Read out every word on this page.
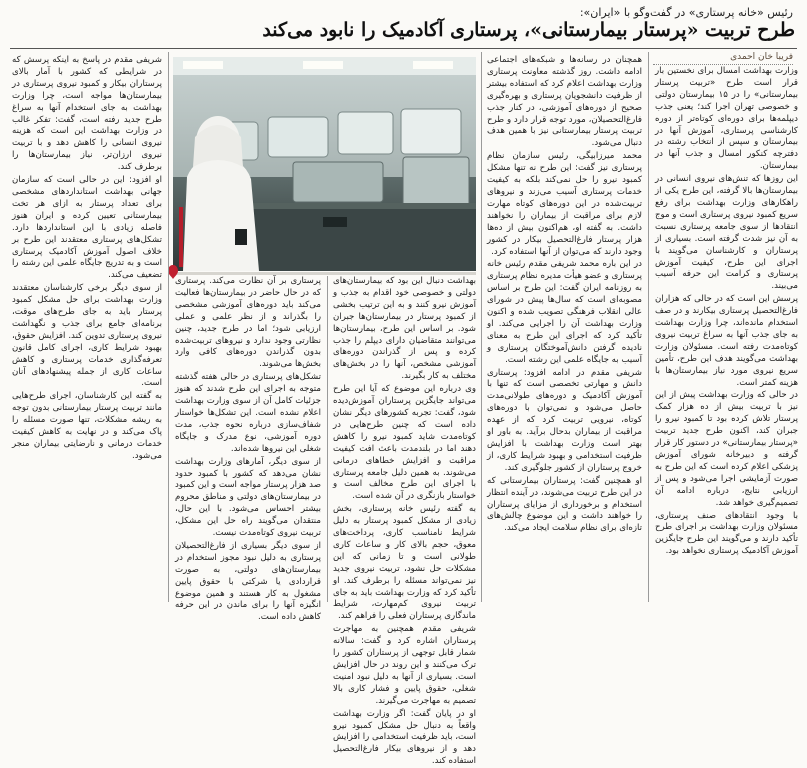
رئیس «خانه پرستاری» در گفت‌وگو با «ایران»:
طرح تربیت «پرستار بیمارستانی»، پرستاری آکادمیک را نابود می‌کند
فریبا خان احمدی

وزارت بهداشت امسال برای نخستین بار قرار است طرح «تربیت پرستار بیمارستانی» را در ۱۵ بیمارستان دولتی و خصوصی تهران اجرا کند؛ یعنی جذب دیپلمه‌ها برای دوره‌ای کوتاه‌تر از دوره کارشناسی پرستاری، آموزش آنها در بیمارستان و سپس از انتخاب رشته در دفترچه کنکور امسال و جذب آنها در بیمارستان.

این روزها که تنش‌های نیروی انسانی در بیمارستان‌ها بالا گرفته، این طرح یکی از راهکارهای وزارت بهداشت برای رفع سریع کمبود نیروی پرستاری است و موج انتقادها از سوی جامعه پرستاری نسبت به آن نیز شدت گرفته است. بسیاری از پرستاران و کارشناسان می‌گویند با اجرای این طرح، کیفیت آموزش پرستاری و کرامت این حرفه آسیب می‌بیند.

پرسش این است که در حالی که هزاران فارغ‌التحصیل پرستاری بیکارند و در صف استخدام مانده‌اند، چرا وزارت بهداشت به جای جذب آنها به سراغ تربیت نیروی کوتاه‌مدت رفته است. مسئولان وزارت بهداشت می‌گویند هدف این طرح، تأمین سریع نیروی مورد نیاز بیمارستان‌ها با هزینه کمتر است.

در حالی که وزارت بهداشت پیش از این نیز با تربیت بیش از ده هزار کمک پرستار تلاش کرده بود تا کمبود نیرو را جبران کند، اکنون طرح جدید تربیت «پرستار بیمارستانی» در دستور کار قرار گرفته و دبیرخانه شورای آموزش پزشکی اعلام کرده است که این طرح به صورت آزمایشی اجرا می‌شود و پس از ارزیابی نتایج، درباره ادامه آن تصمیم‌گیری خواهد شد.

با وجود انتقادهای صنف پرستاری، مسئولان وزارت بهداشت بر اجرای طرح تأکید دارند و می‌گویند این طرح جایگزین آموزش آکادمیک پرستاری نخواهد بود.

همچنان در رسانه‌ها و شبکه‌های اجتماعی ادامه داشت. روز گذشته معاونت پرستاری وزارت بهداشت اعلام کرد که استفاده بیشتر از ظرفیت دانشجویان پرستاری و بهره‌گیری صحیح از دوره‌های آموزشی، در کنار جذب فارغ‌التحصیلان، مورد توجه قرار دارد و طرح تربیت پرستار بیمارستانی نیز با همین هدف دنبال می‌شود.

محمد میرزابیگی، رئیس سازمان نظام پرستاری نیز گفت: این طرح نه تنها مشکل کمبود نیرو را حل نمی‌کند بلکه به کیفیت خدمات پرستاری آسیب می‌زند و نیروهای تربیت‌شده در این دوره‌های کوتاه مهارت لازم برای مراقبت از بیماران را نخواهند داشت. به گفته او، هم‌اکنون بیش از ده‌ها هزار پرستار فارغ‌التحصیل بیکار در کشور وجود دارند که می‌توان از آنها استفاده کرد.

در این باره محمد شریفی مقدم رئیس خانه پرستاری و عضو هیأت مدیره نظام پرستاری به روزنامه ایران گفت: این طرح بر اساس مصوبه‌ای است که سال‌ها پیش در شورای عالی انقلاب فرهنگی تصویب شده و اکنون وزارت بهداشت آن را اجرایی می‌کند. او تأکید کرد که اجرای این طرح به معنای نادیده گرفتن دانش‌آموختگان پرستاری و آسیب به جایگاه علمی این رشته است.

شریفی مقدم در ادامه افزود: پرستاری دانش و مهارتی تخصصی است که تنها با آموزش آکادمیک و دوره‌های طولانی‌مدت حاصل می‌شود و نمی‌توان با دوره‌های کوتاه، نیرویی تربیت کرد که از عهده مراقبت از بیماران بدحال برآید. به باور او بهتر است وزارت بهداشت با افزایش ظرفیت استخدامی و بهبود شرایط کاری، از خروج پرستاران از کشور جلوگیری کند.

او همچنین گفت: پرستاران بیمارستانی که در این طرح تربیت می‌شوند، در آینده انتظار استخدام و برخورداری از مزایای پرستاران را خواهند داشت و این موضوع چالش‌های تازه‌ای برای نظام سلامت ایجاد می‌کند.

بهداشت دنبال این بود که بیمارستان‌های دولتی و خصوصی خود اقدام به جذب و آموزش نیرو کنند و به این ترتیب بخشی از کمبود پرستار در بیمارستان‌ها جبران شود. بر اساس این طرح، بیمارستان‌ها می‌توانند متقاضیان دارای دیپلم را جذب کرده و پس از گذراندن دوره‌های آموزشی مشخص، آنها را در بخش‌های مختلف به کار بگیرند.

وی درباره این موضوع که آیا این طرح می‌تواند جایگزین پرستاران آموزش‌دیده شود، گفت: تجربه کشورهای دیگر نشان داده است که چنین طرح‌هایی در کوتاه‌مدت شاید کمبود نیرو را کاهش دهند اما در بلندمدت باعث افت کیفیت مراقبت و افزایش خطاهای درمانی می‌شوند. به همین دلیل جامعه پرستاری با اجرای این طرح مخالف است و خواستار بازنگری در آن شده است.

به گفته رئیس خانه پرستاری، بخش زیادی از مشکل کمبود پرستار به دلیل شرایط نامناسب کاری، پرداخت‌های معوق، حجم بالای کار و ساعات کاری طولانی است و تا زمانی که این مشکلات حل نشود، تربیت نیروی جدید نیز نمی‌تواند مسئله را برطرف کند. او تأکید کرد که وزارت بهداشت باید به جای تربیت نیروی کم‌مهارت، شرایط ماندگاری پرستاران فعلی را فراهم کند.

شریفی مقدم همچنین به مهاجرت پرستاران اشاره کرد و گفت: سالانه شمار قابل توجهی از پرستاران کشور را ترک می‌کنند و این روند در حال افزایش است. بسیاری از آنها به دلیل نبود امنیت شغلی، حقوق پایین و فشار کاری بالا تصمیم به مهاجرت می‌گیرند.

او در پایان گفت: اگر وزارت بهداشت واقعاً به دنبال حل مشکل کمبود نیرو است، باید ظرفیت استخدامی را افزایش دهد و از نیروهای بیکار فارغ‌التحصیل استفاده کند.

پرستاری بر آن نظارت می‌کند. پرستاری که در حال حاضر در بیمارستان‌ها فعالیت می‌کند باید دوره‌های آموزشی مشخصی را بگذراند و از نظر علمی و عملی ارزیابی شود؛ اما در طرح جدید، چنین نظارتی وجود ندارد و نیروهای تربیت‌شده بدون گذراندن دوره‌های کافی وارد بخش‌ها می‌شوند.

تشکل‌های پرستاری در حالی هفته گذشته متوجه به اجرای این طرح شدند که هنوز جزئیات کامل آن از سوی وزارت بهداشت اعلام نشده است. این تشکل‌ها خواستار شفاف‌سازی درباره نحوه جذب، مدت دوره آموزشی، نوع مدرک و جایگاه شغلی این نیروها شده‌اند.

از سوی دیگر، آمارهای وزارت بهداشت نشان می‌دهد که کشور با کمبود حدود صد هزار پرستار مواجه است و این کمبود در بیمارستان‌های دولتی و مناطق محروم بیشتر احساس می‌شود. با این حال، منتقدان می‌گویند راه حل این مشکل، تربیت نیروی کوتاه‌مدت نیست.

از سوی دیگر بسیاری از فارغ‌التحصیلان پرستاری به دلیل نبود مجوز استخدام در بیمارستان‌های دولتی، به صورت قراردادی یا شرکتی با حقوق پایین مشغول به کار هستند و همین موضوع انگیزه آنها را برای ماندن در این حرفه کاهش داده است.

شریفی مقدم در پاسخ به اینکه پرسش که در شرایطی که کشور با آمار بالای پرستاران بیکار و کمبود نیروی پرستاری در بیمارستان‌ها مواجه است، چرا وزارت بهداشت به جای استخدام آنها به سراغ طرح جدید رفته است، گفت: تفکر غالب در وزارت بهداشت این است که هزینه نیروی انسانی را کاهش دهد و با تربیت نیروی ارزان‌تر، نیاز بیمارستان‌ها را برطرف کند.

او افزود: این در حالی است که سازمان جهانی بهداشت استانداردهای مشخصی برای تعداد پرستار به ازای هر تخت بیمارستانی تعیین کرده و ایران هنوز فاصله زیادی با این استانداردها دارد. تشکل‌های پرستاری معتقدند این طرح بر خلاف اصول آموزش آکادمیک پرستاری است و به تدریج جایگاه علمی این رشته را تضعیف می‌کند.

از سوی دیگر برخی کارشناسان معتقدند وزارت بهداشت برای حل مشکل کمبود پرستار باید به جای طرح‌های موقت، برنامه‌ای جامع برای جذب و نگهداشت نیروی پرستاری تدوین کند. افزایش حقوق، بهبود شرایط کاری، اجرای کامل قانون تعرفه‌گذاری خدمات پرستاری و کاهش ساعات کاری از جمله پیشنهادهای آنان است.

به گفته این کارشناسان، اجرای طرح‌هایی مانند تربیت پرستار بیمارستانی بدون توجه به ریشه مشکلات، تنها صورت مسئله را پاک می‌کند و در نهایت به کاهش کیفیت خدمات درمانی و نارضایتی بیماران منجر می‌شود.
